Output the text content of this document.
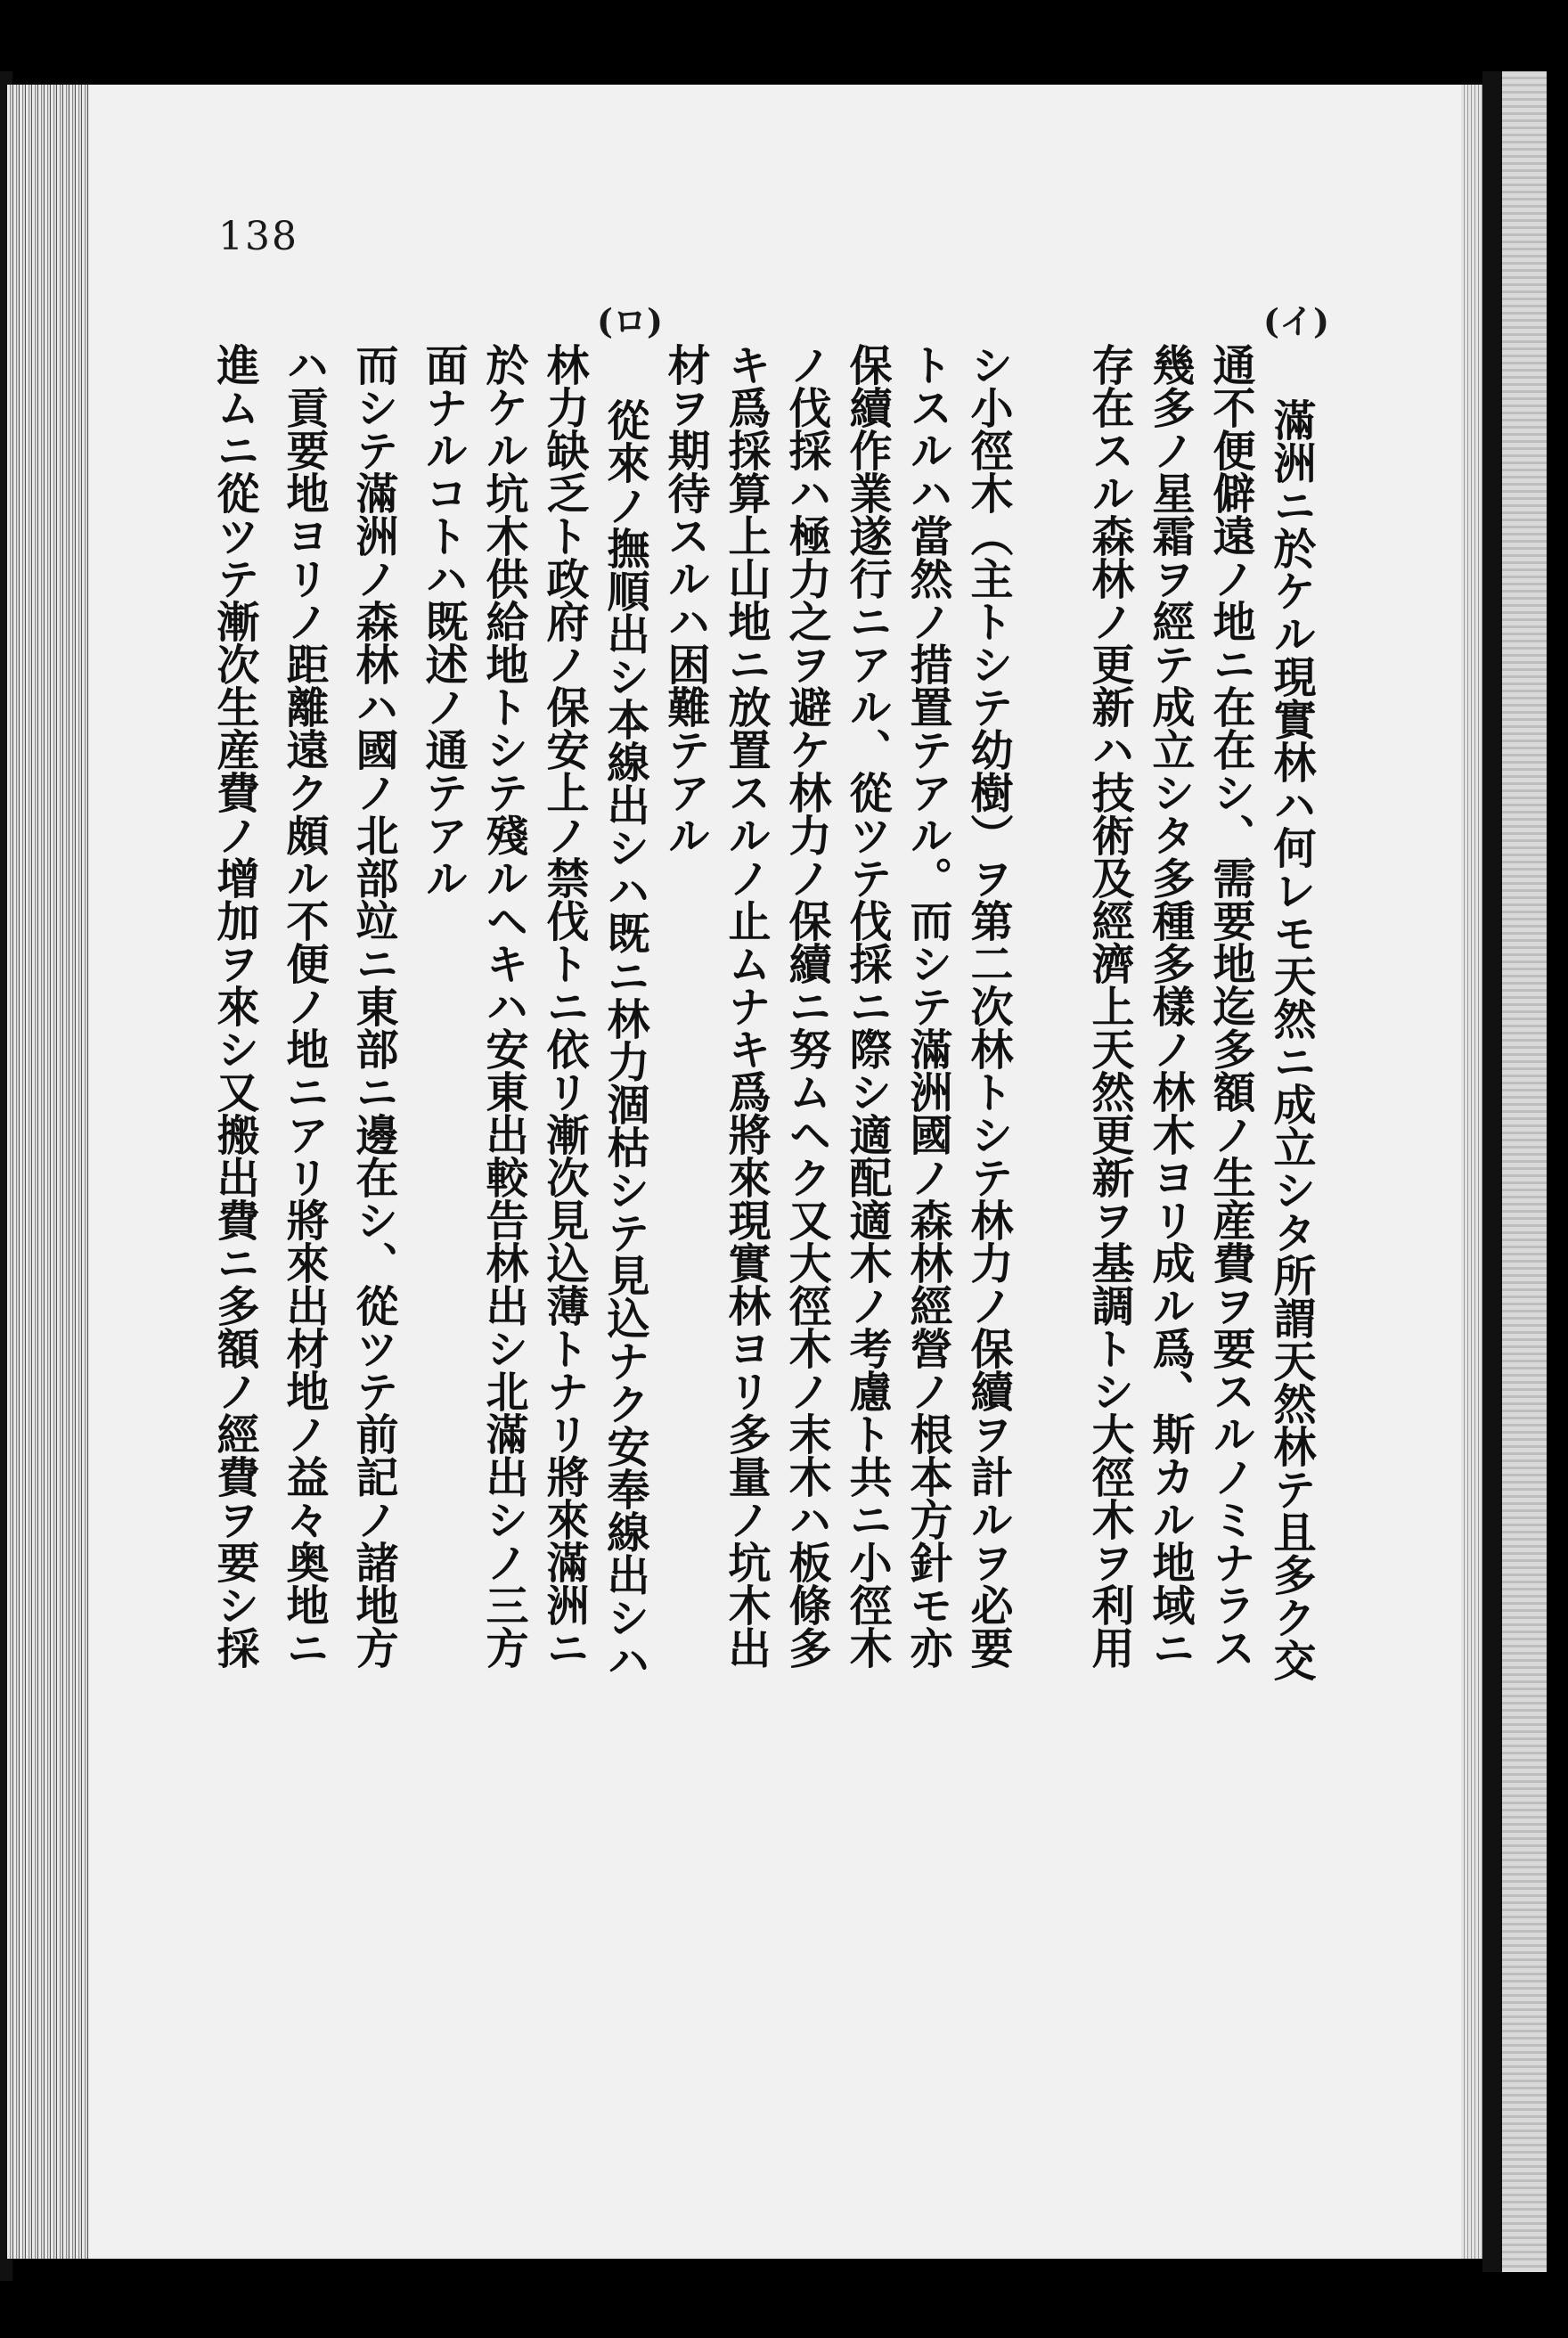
138
(イ)
(ロ)
滿洲ニ於ケル現實林ハ何レモ天然ニ成立シタ所謂天然林テ且多ク交
通不便僻遠ノ地ニ在在シ、需要地迄多額ノ生産費ヲ要スルノミナラス
幾多ノ星霜ヲ經テ成立シタ多種多樣ノ林木ヨリ成ル爲、斯カル地域ニ
存在スル森林ノ更新ハ技術及經濟上天然更新ヲ基調トシ大徑木ヲ利用
シ小徑木（主トシテ幼樹）ヲ第二次林トシテ林力ノ保續ヲ計ルヲ必要
トスルハ當然ノ措置テアル。而シテ滿洲國ノ森林經營ノ根本方針モ亦
保續作業遂行ニアル、從ツテ伐採ニ際シ適配適木ノ考慮ト共ニ小徑木
ノ伐採ハ極力之ヲ避ケ林力ノ保續ニ努ムヘク又大徑木ノ末木ハ板條多
キ爲採算上山地ニ放置スルノ止ムナキ爲將來現實林ヨリ多量ノ坑木出
材ヲ期待スルハ困難テアル
從來ノ撫順出シ本線出シハ既ニ林力涸枯シテ見込ナク安奉線出シハ
林力缺乏ト政府ノ保安上ノ禁伐トニ依リ漸次見込薄トナリ將來滿洲ニ
於ケル坑木供給地トシテ殘ルヘキハ安東出較告林出シ北滿出シノ三方
面ナルコトハ既述ノ通テアル
而シテ滿洲ノ森林ハ國ノ北部竝ニ東部ニ邊在シ、從ツテ前記ノ諸地方
ハ貢要地ヨリノ距離遠ク頗ル不便ノ地ニアリ將來出材地ノ益々奥地ニ
進ムニ從ツテ漸次生産費ノ增加ヲ來シ又搬出費ニ多額ノ經費ヲ要シ採
